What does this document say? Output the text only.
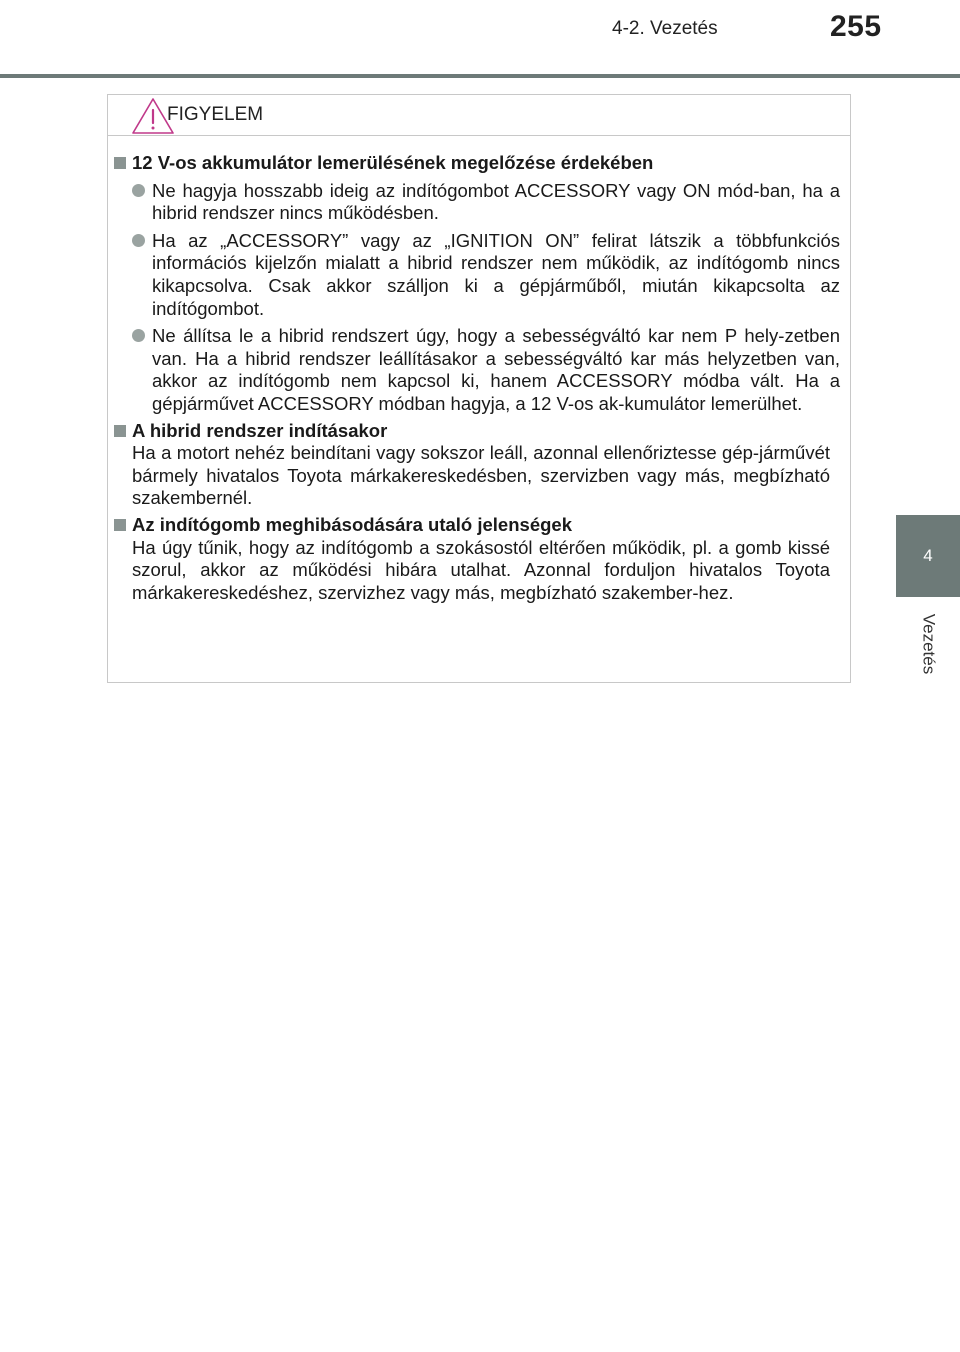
4-2. Vezetés	255
4
Vezetés
FIGYELEM
12 V-os akkumulátor lemerülésének megelőzése érdekében
Ne hagyja hosszabb ideig az indítógombot ACCESSORY vagy ON mód-ban, ha a hibrid rendszer nincs működésben.
Ha az „ACCESSORY” vagy az „IGNITION ON” felirat látszik a többfunkciós információs kijelzőn mialatt a hibrid rendszer nem működik, az indítógomb nincs kikapcsolva. Csak akkor szálljon ki a gépjárműből, miután kikapcsolta az indítógombot.
Ne állítsa le a hibrid rendszert úgy, hogy a sebességváltó kar nem P hely-zetben van. Ha a hibrid rendszer leállításakor a sebességváltó kar más helyzetben van, akkor az indítógomb nem kapcsol ki, hanem ACCESSORY módba vált. Ha a gépjárművet ACCESSORY módban hagyja, a 12 V-os ak-kumulátor lemerülhet.
A hibrid rendszer indításakor
Ha a motort nehéz beindítani vagy sokszor leáll, azonnal ellenőriztesse gép-járművét bármely hivatalos Toyota márkakereskedésben, szervizben vagy más, megbízható szakembernél.
Az indítógomb meghibásodására utaló jelenségek
Ha úgy tűnik, hogy az indítógomb a szokásostól eltérően működik, pl. a gomb kissé szorul, akkor az működési hibára utalhat. Azonnal forduljon hivatalos Toyota márkakereskedéshez, szervizhez vagy más, megbízható szakember-hez.
